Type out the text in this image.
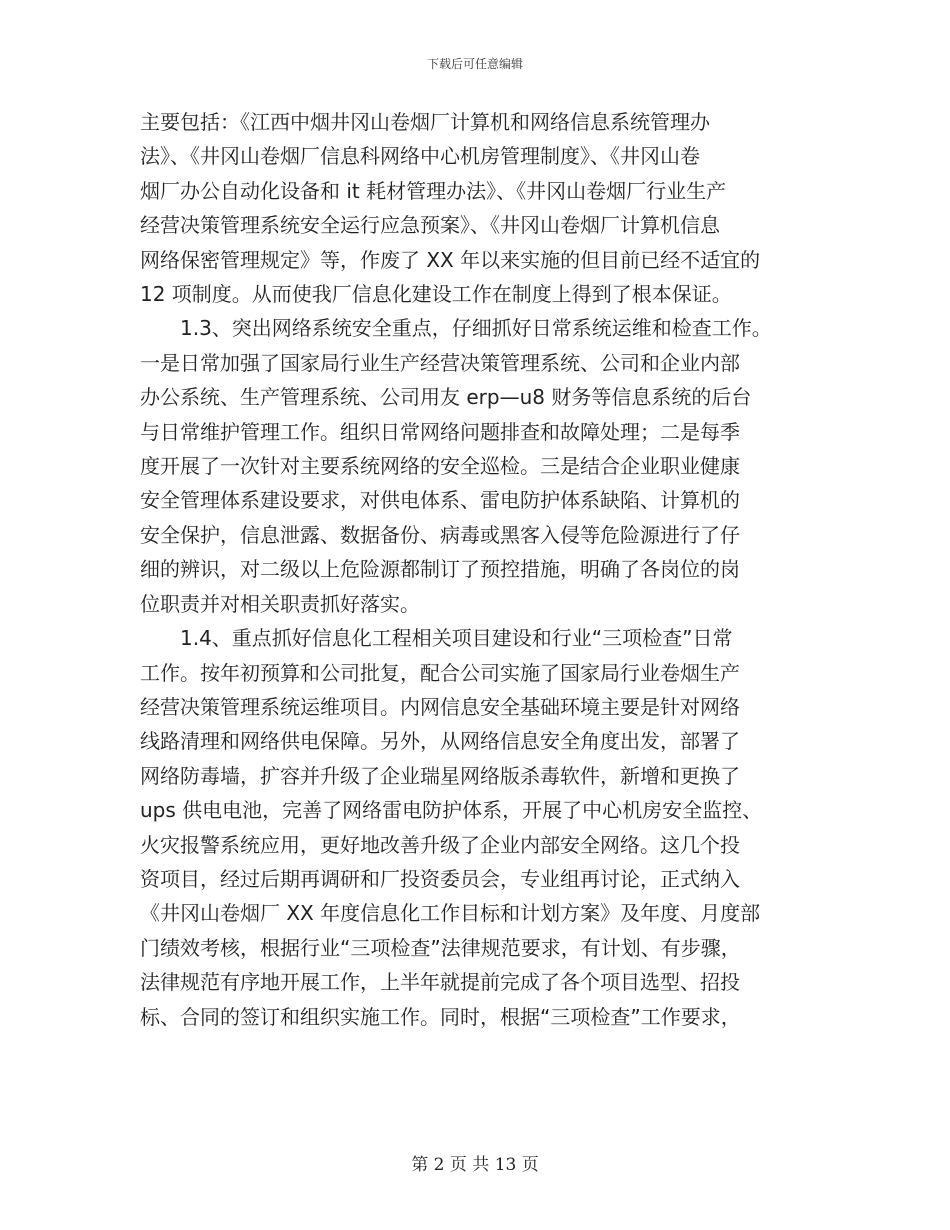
下载后可任意编辑
主要包括：《江西中烟井冈山卷烟厂计算机和网络信息系统管理办
法》、《井冈山卷烟厂信息科网络中心机房管理制度》、《井冈山卷
烟厂办公自动化设备和 it 耗材管理办法》、《井冈山卷烟厂行业生产
经营决策管理系统安全运行应急预案》、《井冈山卷烟厂计算机信息
网络保密管理规定》等，作废了 XX 年以来实施的但目前已经不适宜的
12 项制度。从而使我厂信息化建设工作在制度上得到了根本保证。
1.3、突出网络系统安全重点，仔细抓好日常系统运维和检查工作。
一是日常加强了国家局行业生产经营决策管理系统、公司和企业内部
办公系统、生产管理系统、公司用友 erp—u8 财务等信息系统的后台
与日常维护管理工作。组织日常网络问题排查和故障处理；二是每季
度开展了一次针对主要系统网络的安全巡检。三是结合企业职业健康
安全管理体系建设要求，对供电体系、雷电防护体系缺陷、计算机的
安全保护，信息泄露、数据备份、病毒或黑客入侵等危险源进行了仔
细的辨识，对二级以上危险源都制订了预控措施，明确了各岗位的岗
位职责并对相关职责抓好落实。
1.4、重点抓好信息化工程相关项目建设和行业“三项检查”日常
工作。按年初预算和公司批复，配合公司实施了国家局行业卷烟生产
经营决策管理系统运维项目。内网信息安全基础环境主要是针对网络
线路清理和网络供电保障。另外，从网络信息安全角度出发，部署了
网络防毒墙，扩容并升级了企业瑞星网络版杀毒软件，新增和更换了
ups 供电电池，完善了网络雷电防护体系，开展了中心机房安全监控、
火灾报警系统应用，更好地改善升级了企业内部安全网络。这几个投
资项目，经过后期再调研和厂投资委员会，专业组再讨论，正式纳入
《井冈山卷烟厂 XX 年度信息化工作目标和计划方案》及年度、月度部
门绩效考核，根据行业“三项检查”法律规范要求，有计划、有步骤，
法律规范有序地开展工作，上半年就提前完成了各个项目选型、招投
标、合同的签订和组织实施工作。同时，根据“三项检查”工作要求，
第 2 页 共 13 页
